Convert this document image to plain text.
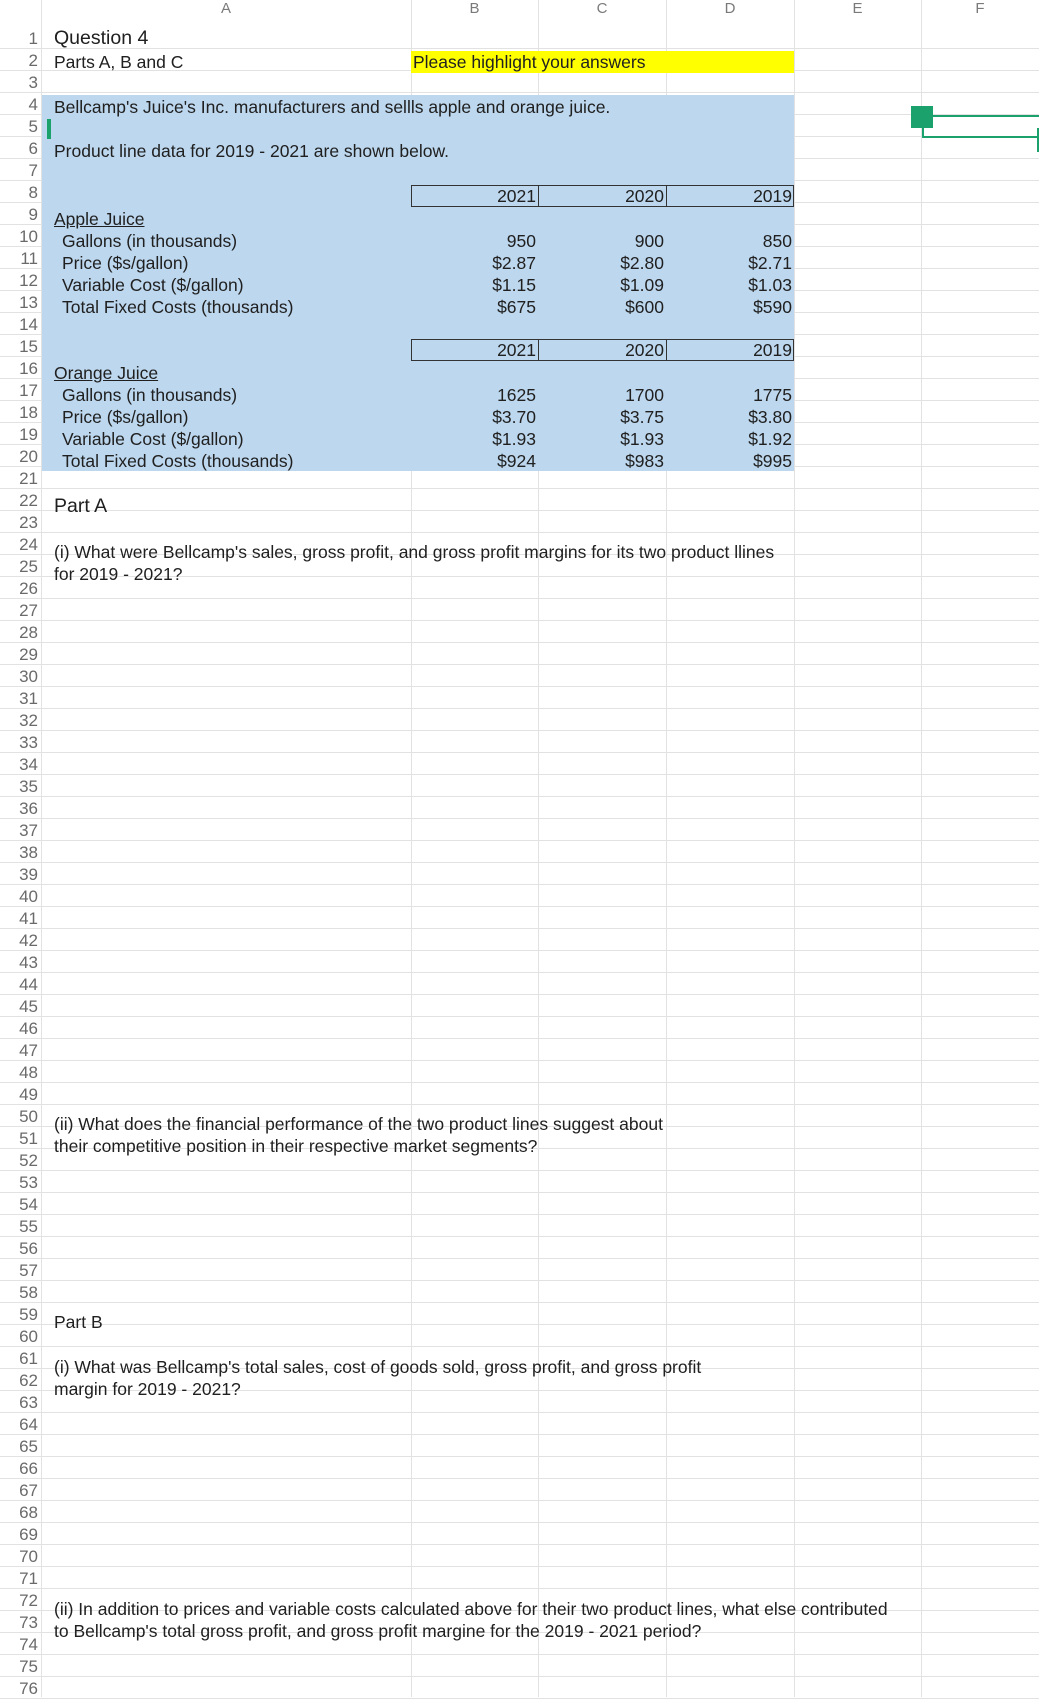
A	B	C	D	E	F
1
2
3
4
5
6
7
8
9
10
11
12
13
14
15
16
17
18
19
20
21
22
23
24
25
26
27
28
29
30
31
32
33
34
35
36
37
38
39
40
41
42
43
44
45
46
47
48
49
50
51
52
53
54
55
56
57
58
59
60
61
62
63
64
65
66
67
68
69
70
71
72
73
74
75
76
Question 4
Parts A, B and C	Please highlight your answers
Bellcamp's Juice's Inc. manufacturers and sellls apple and orange juice.
Product line data for 2019 - 2021 are shown below.
2021	2020	2019
Apple Juice
Gallons (in thousands)	950	900	850
Price ($s/gallon)	$2.87	$2.80	$2.71
Variable Cost ($/gallon)	$1.15	$1.09	$1.03
Total Fixed Costs (thousands)	$675	$600	$590
2021	2020	2019
Orange Juice
Gallons (in thousands)	1625	1700	1775
Price ($s/gallon)	$3.70	$3.75	$3.80
Variable Cost ($/gallon)	$1.93	$1.93	$1.92
Total Fixed Costs (thousands)	$924	$983	$995
Part A
(i) What were Bellcamp's sales, gross profit, and gross profit margins for its two product llines
for 2019 - 2021?
(ii) What does the financial performance of the two product lines suggest about
their competitive position in their respective market segments?
Part B
(i) What was Bellcamp's total sales, cost of goods sold, gross profit, and gross profit
margin for 2019 - 2021?
(ii) In addition to prices and variable costs calculated above for their two product lines, what else contributed
to Bellcamp's total gross profit, and gross profit margine for the 2019 - 2021 period?
